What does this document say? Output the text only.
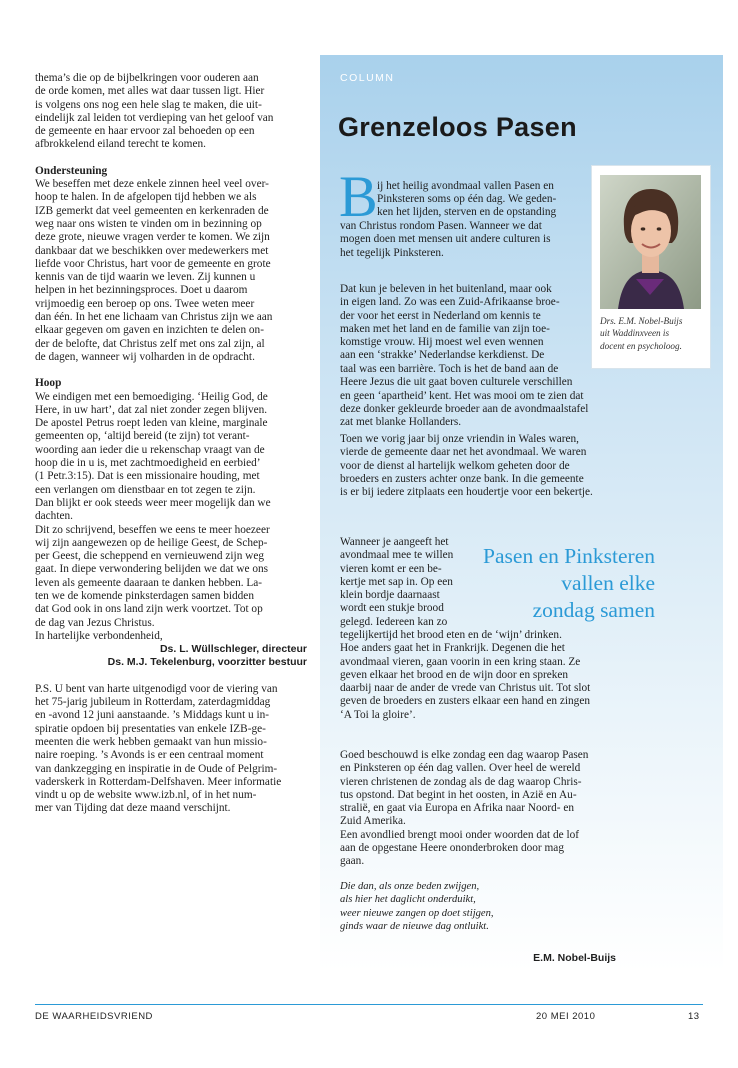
thema’s die op de bijbelkringen voor ouderen aan
de orde komen, met alles wat daar tussen ligt. Hier
is volgens ons nog een hele slag te maken, die uit-
eindelijk zal leiden tot verdieping van het geloof van
de gemeente en haar ervoor zal behoeden op een
afbrokkelend eiland terecht te komen.
Ondersteuning
We beseffen met deze enkele zinnen heel veel over-
hoop te halen. In de afgelopen tijd hebben we als
IZB gemerkt dat veel gemeenten en kerkenraden de
weg naar ons wisten te vinden om in bezinning op
deze grote, nieuwe vragen verder te komen. We zijn
dankbaar dat we beschikken over medewerkers met
liefde voor Christus, hart voor de gemeente en grote
kennis van de tijd waarin we leven. Zij kunnen u
helpen in het bezinningsproces. Doet u daarom
vrijmoedig een beroep op ons. Twee weten meer
dan één. In het ene lichaam van Christus zijn we aan
elkaar gegeven om gaven en inzichten te delen on-
der de belofte, dat Christus zelf met ons zal zijn, al
de dagen, wanneer wij volharden in de opdracht.
Hoop
We eindigen met een bemoediging. ‘Heilig God, de
Here, in uw hart’, dat zal niet zonder zegen blijven.
De apostel Petrus roept leden van kleine, marginale
gemeenten op, ‘altijd bereid (te zijn) tot verant-
woording aan ieder die u rekenschap vraagt van de
hoop die in u is, met zachtmoedigheid en eerbied’
(1 Petr.3:15). Dat is een missionaire houding, met
een verlangen om dienstbaar en tot zegen te zijn.
Dan blijkt er ook steeds weer meer mogelijk dan we
dachten.
Dit zo schrijvend, beseffen we eens te meer hoezeer
wij zijn aangewezen op de heilige Geest, de Schep-
per Geest, die scheppend en vernieuwend zijn weg
gaat. In diepe verwondering belijden we dat we ons
leven als gemeente daaraan te danken hebben. La-
ten we de komende pinksterdagen samen bidden
dat God ook in ons land zijn werk voortzet. Tot op
de dag van Jezus Christus.
In hartelijke verbondenheid,
Ds. L. Wüllschleger, directeur
Ds. M.J. Tekelenburg, voorzitter bestuur
P.S. U bent van harte uitgenodigd voor de viering van
het 75-jarig jubileum in Rotterdam, zaterdagmiddag
en -avond 12 juni aanstaande. ’s Middags kunt u in-
spiratie opdoen bij presentaties van enkele IZB-ge-
meenten die werk hebben gemaakt van hun missio-
naire roeping. ’s Avonds is er een centraal moment
van dankzegging en inspiratie in de Oude of Pelgrim-
vaderskerk in Rotterdam-Delfshaven. Meer informatie
vindt u op de website www.izb.nl, of in het num-
mer van Tijding dat deze maand verschijnt.
COLUMN
Grenzeloos Pasen
B ij het heilig avondmaal vallen Pasen en
Pinksteren soms op één dag. We geden-
ken het lijden, sterven en de opstanding
van Christus rondom Pasen. Wanneer we dat
mogen doen met mensen uit andere culturen is
het tegelijk Pinksteren.
Dat kun je beleven in het buitenland, maar ook
in eigen land. Zo was een Zuid-Afrikaanse broe-
der voor het eerst in Nederland om kennis te
maken met het land en de familie van zijn toe-
komstige vrouw. Hij moest wel even wennen
aan een ‘strakke’ Nederlandse kerkdienst. De
taal was een barrière. Toch is het de band aan de
Heere Jezus die uit gaat boven culturele verschillen
en geen ‘apartheid’ kent. Het was mooi om te zien dat
deze donker gekleurde broeder aan de avondmaalstafel
zat met blanke Hollanders.
Toen we vorig jaar bij onze vriendin in Wales waren,
vierde de gemeente daar net het avondmaal. We waren
voor de dienst al hartelijk welkom geheten door de
broeders en zusters achter onze bank. In die gemeente
is er bij iedere zitplaats een houdertje voor een bekertje.
Wanneer je aangeeft het
avondmaal mee te willen
vieren komt er een be-
kertje met sap in. Op een
klein bordje daarnaast
wordt een stukje brood
gelegd. Iedereen kan zo
tegelijkertijd het brood eten en de ‘wijn’ drinken.
Hoe anders gaat het in Frankrijk. Degenen die het
avondmaal vieren, gaan voorin in een kring staan. Ze
geven elkaar het brood en de wijn door en spreken
daarbij naar de ander de vrede van Christus uit. Tot slot
geven de broeders en zusters elkaar een hand en zingen
‘A Toi la gloire’.
Goed beschouwd is elke zondag een dag waarop Pasen
en Pinksteren op één dag vallen. Over heel de wereld
vieren christenen de zondag als de dag waarop Chris-
tus opstond. Dat begint in het oosten, in Azië en Au-
stralië, en gaat via Europa en Afrika naar Noord- en
Zuid Amerika.
Een avondlied brengt mooi onder woorden dat de lof
aan de opgestane Heere ononderbroken door mag
gaan.
Die dan, als onze beden zwijgen,
als hier het daglicht onderduikt,
weer nieuwe zangen op doet stijgen,
ginds waar de nieuwe dag ontluikt.
E.M. Nobel-Buijs
Pasen en Pinksteren
vallen elke
zondag samen
Drs. E.M. Nobel-Buijs
uit Waddinxveen is
docent en psycholoog.
DE WAARHEIDSVRIEND	20 MEI 2010	13
